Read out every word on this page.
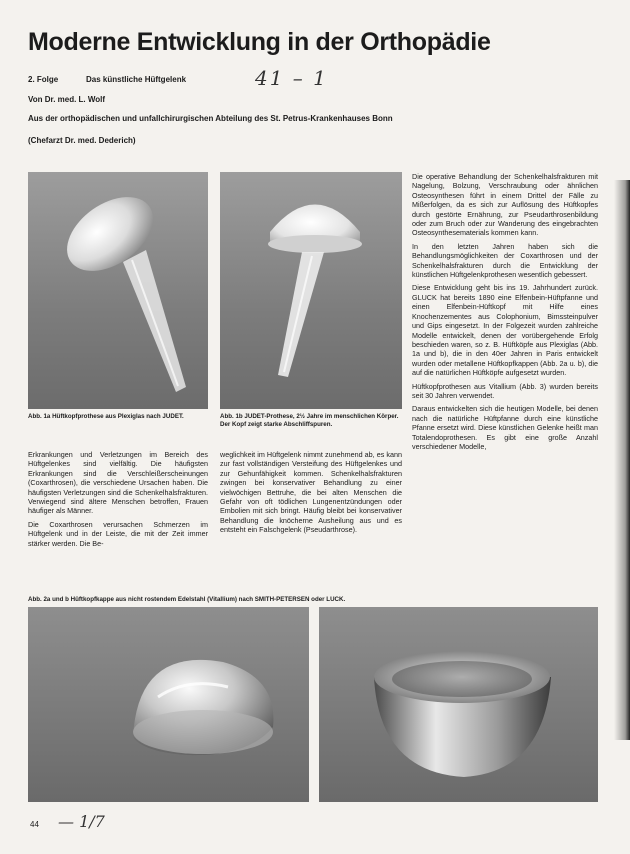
Moderne Entwicklung in der Orthopädie
2. Folge	Das künstliche Hüftgelenk	41 – 1
Von Dr. med. L. Wolf
Aus der orthopädischen und unfallchirurgischen Abteilung des St. Petrus-Krankenhauses Bonn
(Chefarzt Dr. med. Dederich)
Abb. 1a Hüftkopfprothese aus Plexiglas nach JUDET.	Abb. 1b JUDET-Prothese, 2½ Jahre im menschlichen Körper. Der Kopf zeigt starke Abschliffspuren.

Erkrankungen und Verletzungen im Bereich des Hüftgelenkes sind vielfältig. Die häufigsten Erkrankungen sind die Verschleißerscheinungen (Coxarthrosen), die verschiedene Ursachen haben. Die häufigsten Verletzungen sind die Schenkelhalsfrakturen. Verwiegend sind ältere Menschen betroffen, Frauen häufiger als Männer.

Die Coxarthrosen verursachen Schmerzen im Hüftgelenk und in der Leiste, die mit der Zeit immer stärker werden. Die Be-

weglichkeit im Hüftgelenk nimmt zunehmend ab, es kann zur fast vollständigen Versteifung des Hüftgelenkes und zur Gehunfähigkeit kommen. Schenkelhalsfrakturen zwingen bei konservativer Behandlung zu einer vielwöchigen Bettruhe, die bei alten Menschen die Gefahr von oft tödlichen Lungenentzündungen oder Embolien mit sich bringt. Häufig bleibt bei konservativer Behandlung die knöcherne Ausheilung aus und es entsteht ein Falschgelenk (Pseudarthrose).

Die operative Behandlung der Schenkelhalsfrakturen mit Nagelung, Bolzung, Verschraubung oder ähnlichen Osteosynthesen führt in einem Drittel der Fälle zu Mißerfolgen, da es sich zur Auflösung des Hüftkopfes durch gestörte Ernährung, zur Pseudarthrosenbildung oder zum Bruch oder zur Wanderung des eingebrachten Osteosynthesematerials kommen kann.

In den letzten Jahren haben sich die Behandlungsmöglichkeiten der Coxarthrosen und der Schenkelhalsfrakturen durch die Entwicklung der künstlichen Hüftgelenkprothesen wesentlich gebessert.

Diese Entwicklung geht bis ins 19. Jahrhundert zurück. GLUCK hat bereits 1890 eine Elfenbein-Hüftpfanne und einen Elfenbein-Hüftkopf mit Hilfe eines Knochenzementes aus Colophonium, Bimssteinpulver und Gips eingesetzt. In der Folgezeit wurden zahlreiche Modelle entwickelt, denen der vorübergehende Erfolg beschieden waren, so z. B. Hüftköpfe aus Plexiglas (Abb. 1a und b), die in den 40er Jahren in Paris entwickelt wurden oder metallene Hüftkopfkappen (Abb. 2a u. b), die auf die natürlichen Hüftköpfe aufgesetzt wurden.

Hüftkopfprothesen aus Vitallium (Abb. 3) wurden bereits seit 30 Jahren verwendet.

Daraus entwickelten sich die heutigen Modelle, bei denen nach die natürliche Hüftpfanne durch eine künstliche Pfanne ersetzt wird. Diese künstlichen Gelenke heißt man Totalendoprothesen. Es gibt eine große Anzahl verschiedener Modelle,

Abb. 2a und b Hüftkopfkappe aus nicht rostendem Edelstahl (Vitallium) nach SMITH-PETERSEN oder LUCK.
44 — 1/7
